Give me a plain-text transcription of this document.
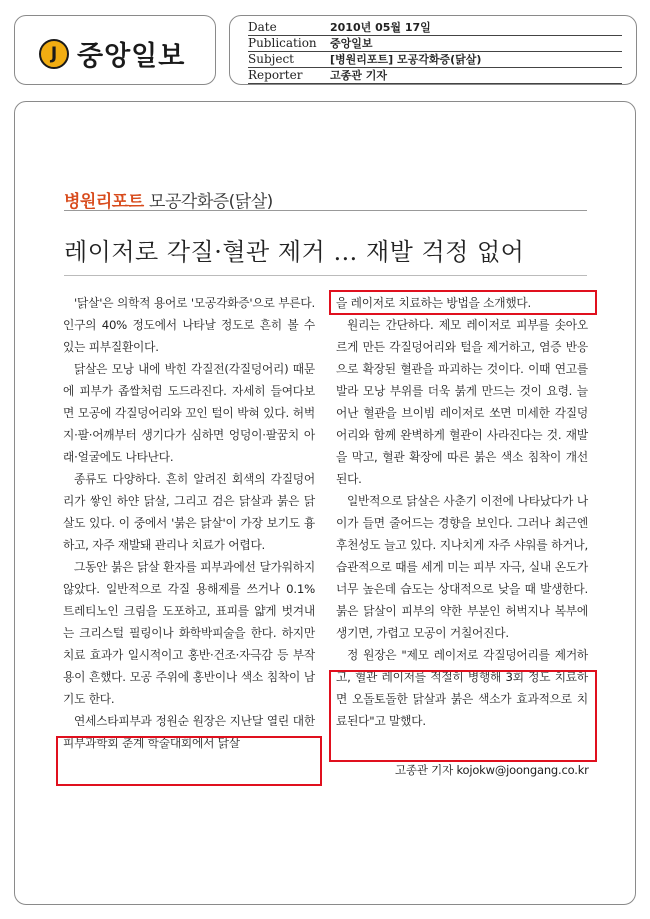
J 중앙일보
Date	2010년 05월 17일
Publication	중앙일보
Subject	[병원리포트] 모공각화증(닭살)
Reporter	고종관 기자
병원리포트 모공각화증(닭살)
레이저로 각질·혈관 제거 … 재발 걱정 없어

'닭살'은 의학적 용어로 '모공각화증'으로 부른다. 인구의 40% 정도에서 나타날 정도로 흔히 볼 수 있는 피부질환이다.

닭살은 모낭 내에 박힌 각질전(각질덩어리) 때문에 피부가 좁쌀처럼 도드라진다. 자세히 들여다보면 모공에 각질덩어리와 꼬인 털이 박혀 있다. 허벅지·팔·어깨부터 생기다가 심하면 엉덩이·팔꿈치 아래·얼굴에도 나타난다.

종류도 다양하다. 흔히 알려진 회색의 각질덩어리가 쌓인 하얀 닭살, 그리고 검은 닭살과 붉은 닭살도 있다. 이 중에서 '붉은 닭살'이 가장 보기도 흉하고, 자주 재발돼 관리나 치료가 어렵다.

그동안 붉은 닭살 환자를 피부과에선 달가워하지 않았다. 일반적으로 각질 용해제를 쓰거나 0.1% 트레티노인 크림을 도포하고, 표피를 얇게 벗겨내는 크리스털 필링이나 화학박피술을 한다. 하지만 치료 효과가 일시적이고 홍반·건조·자극감 등 부작용이 흔했다. 모공 주위에 홍반이나 색소 침착이 남기도 한다.

연세스타피부과 정원순 원장은 지난달 열린 대한피부과학회 춘계 학술대회에서 닭살

을 레이저로 치료하는 방법을 소개했다.

원리는 간단하다. 제모 레이저로 피부를 솟아오르게 만든 각질덩어리와 털을 제거하고, 염증 반응으로 확장된 혈관을 파괴하는 것이다. 이때 연고를 발라 모낭 부위를 더욱 붉게 만드는 것이 요령. 늘어난 혈관을 브이빔 레이저로 쏘면 미세한 각질덩어리와 함께 완벽하게 혈관이 사라진다는 것. 재발을 막고, 혈관 확장에 따른 붉은 색소 침착이 개선된다.

일반적으로 닭살은 사춘기 이전에 나타났다가 나이가 들면 줄어드는 경향을 보인다. 그러나 최근엔 후천성도 늘고 있다. 지나치게 자주 샤워를 하거나, 습관적으로 때를 세게 미는 피부 자극, 실내 온도가 너무 높은데 습도는 상대적으로 낮을 때 발생한다. 붉은 닭살이 피부의 약한 부분인 허벅지나 복부에 생기면, 가렵고 모공이 거칠어진다.

정 원장은 "제모 레이저로 각질덩어리를 제거하고, 혈관 레이저를 적절히 병행해 3회 정도 치료하면 오돌토돌한 닭살과 붉은 색소가 효과적으로 치료된다"고 말했다.

고종관 기자 kojokw@joongang.co.kr
